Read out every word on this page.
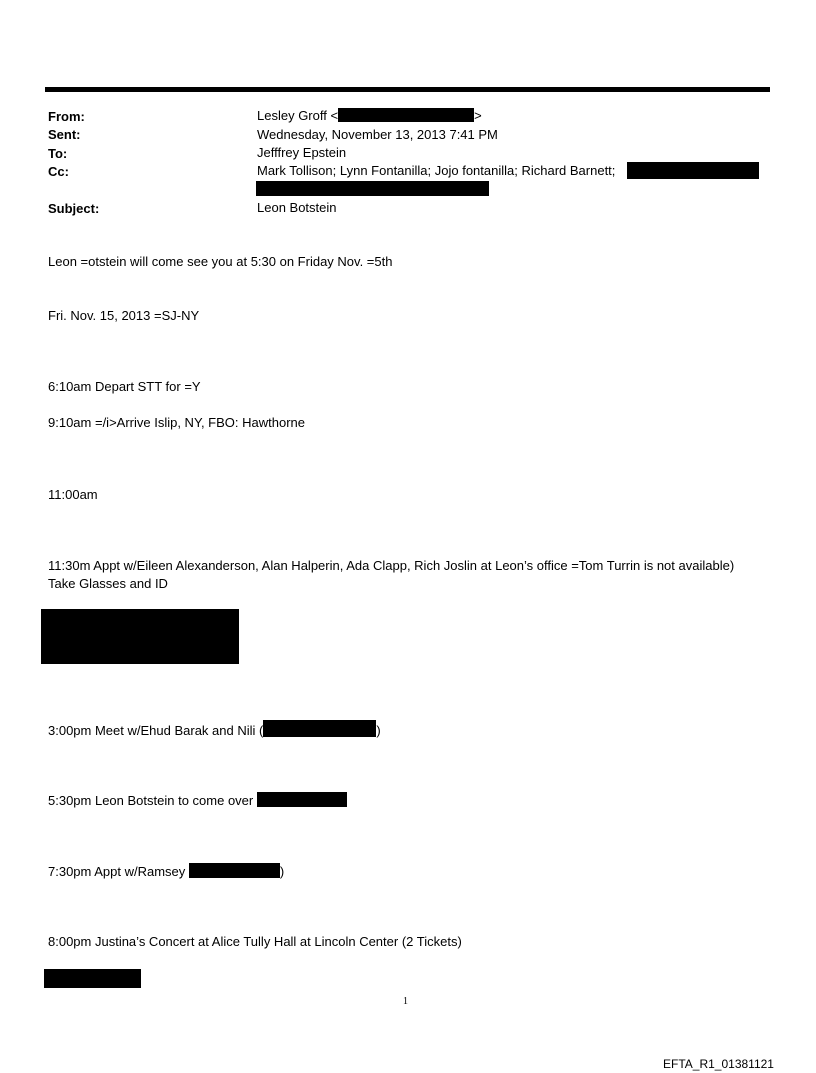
From:	Lesley Groff <	>
Sent:	Wednesday, November 13, 2013 7:41 PM
To:	Jefffrey Epstein
Cc:	Mark Tollison; Lynn Fontanilla; Jojo fontanilla; Richard Barnett;
Subject:	Leon Botstein
Leon =otstein will come see you at 5:30 on Friday Nov. =5th
Fri. Nov. 15, 2013 =SJ-NY
6:10am Depart STT for =Y
9:10am =/i>Arrive Islip, NY, FBO: Hawthorne
11:00am
11:30m Appt w/Eileen Alexanderson, Alan Halperin, Ada Clapp, Rich Joslin at Leon’s office =Tom Turrin is not available)
Take Glasses and ID
3:00pm Meet w/Ehud Barak and Nili (	)
5:30pm Leon Botstein to come over
7:30pm Appt w/Ramsey	)
8:00pm Justina’s Concert at Alice Tully Hall at Lincoln Center (2 Tickets)
1
EFTA_R1_01381121
